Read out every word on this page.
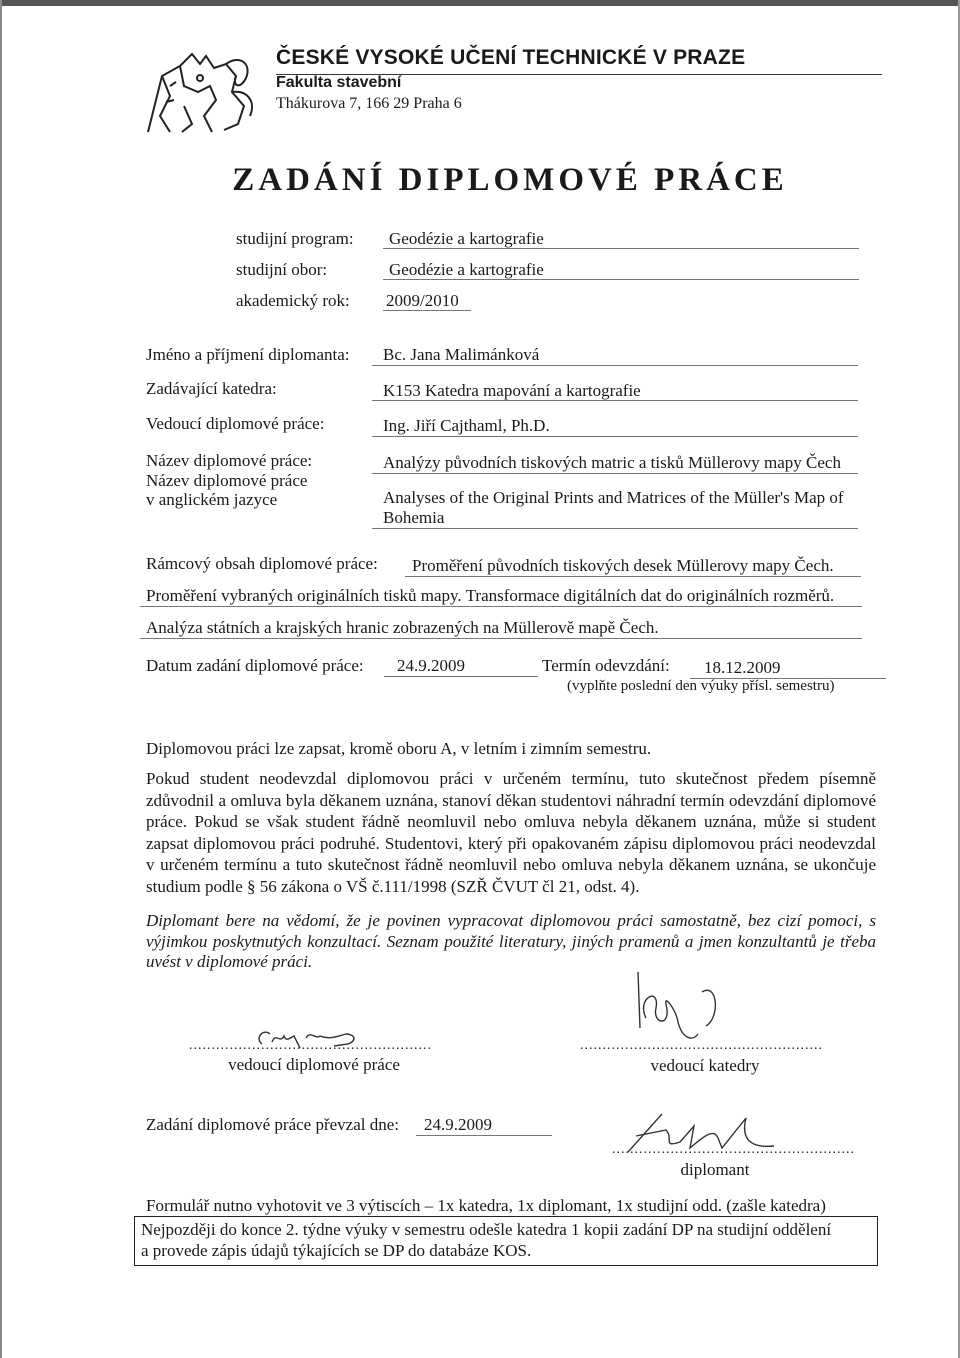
ČESKÉ VYSOKÉ UČENÍ TECHNICKÉ V PRAZE
Fakulta stavební
Thákurova 7, 166 29 Praha 6
ZADÁNÍ DIPLOMOVÉ PRÁCE
studijní program: Geodézie a kartografie
studijní obor:	Geodézie a kartografie
akademický rok: 2009/2010
Jméno a příjmení diplomanta: Bc. Jana Malimánková
Zadávající katedra:	K153 Katedra mapování a kartografie
Vedoucí diplomové práce:	Ing. Jiří Cajthaml, Ph.D.
Název diplomové práce:	Analýzy původních tiskových matric a tisků Müllerovy mapy Čech
Název diplomové práce
v anglickém jazyce	Analyses of the Original Prints and Matrices of the Müller's Map of
Bohemia
Rámcový obsah diplomové práce: Proměření původních tiskových desek Müllerovy mapy Čech.
Proměření vybraných originálních tisků mapy. Transformace digitálních dat do originálních rozměrů.
Analýza státních a krajských hranic zobrazených na Müllerově mapě Čech.
Datum zadání diplomové práce: 24.9.2009	Termín odevzdání: 18.12.2009
(vyplňte poslední den výuky přísl. semestru)
Diplomovou práci lze zapsat, kromě oboru A, v letním i zimním semestru.
Pokud student neodevzdal diplomovou práci v určeném termínu, tuto skutečnost předem písemně zdůvodnil a omluva byla děkanem uznána, stanoví děkan studentovi náhradní termín odevzdání diplomové práce. Pokud se však student řádně neomluvil nebo omluva nebyla děkanem uznána, může si student zapsat diplomovou práci podruhé. Studentovi, který při opakovaném zápisu diplomovou práci neodevzdal v určeném termínu a tuto skutečnost řádně neomluvil nebo omluva nebyla děkanem uznána, se ukončuje studium podle § 56 zákona o VŠ č.111/1998 (SZŘ ČVUT čl 21, odst. 4).
Diplomant bere na vědomí, že je povinen vypracovat diplomovou práci samostatně, bez cizí pomoci, s výjimkou poskytnutých konzultací. Seznam použité literatury, jiných pramenů a jmen konzultantů je třeba uvést v diplomové práci.
......................................................
vedoucí diplomové práce
......................................................
vedoucí katedry
Zadání diplomové práce převzal dne: 24.9.2009
......................................................
diplomant
Formulář nutno vyhotovit ve 3 výtiscích – 1x katedra, 1x diplomant, 1x studijní odd. (zašle katedra)
Nejpozději do konce 2. týdne výuky v semestru odešle katedra 1 kopii zadání DP na studijní oddělení
a provede zápis údajů týkajících se DP do databáze KOS.
